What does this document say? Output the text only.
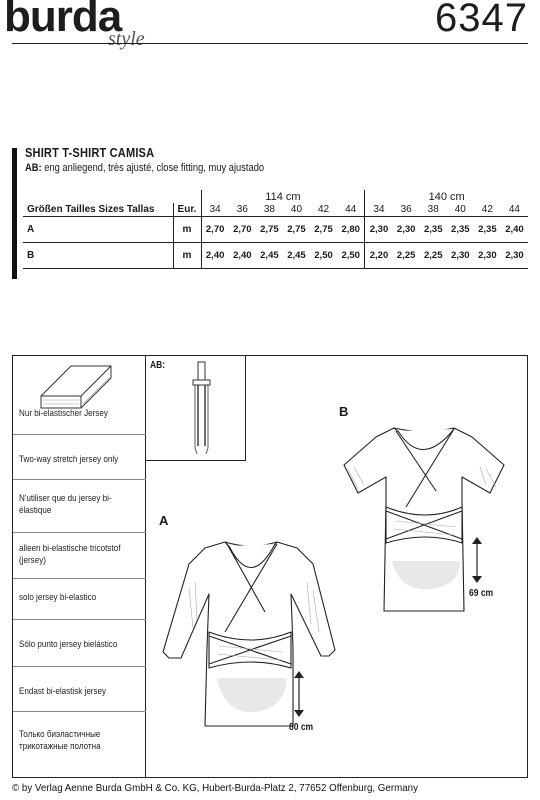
burda
style	6347
SHIRT T-SHIRT CAMISA
AB: eng anliegend, très ajusté, close fitting, muy ajustado
		114 cm						140 cm					
Größen Tailles Sizes Tallas	Eur.	34	36	38	40	42	44	34	36	38	40	42	44
A	m	2,70	2,70	2,75	2,75	2,75	2,80	2,30	2,30	2,35	2,35	2,35	2,40
B	m	2,40	2,40	2,45	2,45	2,50	2,50	2,20	2,25	2,25	2,30	2,30	2,30
Nur bi-elastischer Jersey
Two-way stretch jersey only
N'utiliser que du jersey bi-élastique
alleen bi-elastische tricotstof (jersey)
solo jersey bi-elastico
Sólo punto jersey bielástico
Endast bi-elastisk jersey
Только биэластичные трикотажные полотна
AB:
B
69 cm
A
80 cm
© by Verlag Aenne Burda GmbH & Co. KG, Hubert-Burda-Platz 2, 77652 Offenburg, Germany
